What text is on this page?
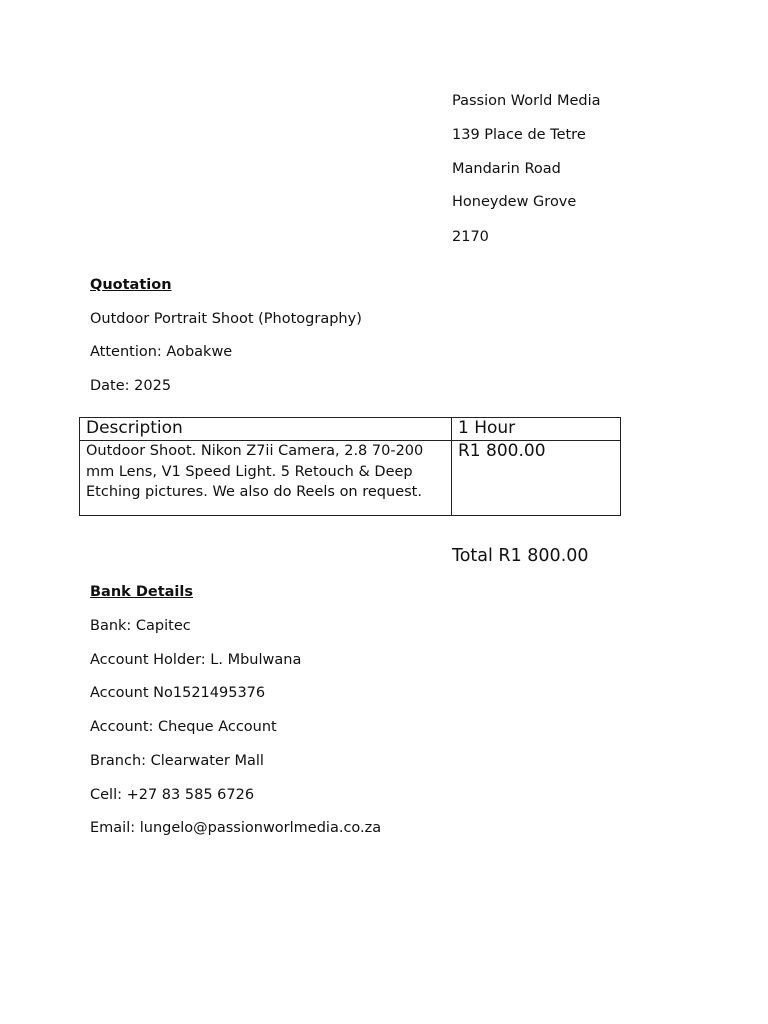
Passion World Media
139 Place de Tetre
Mandarin Road
Honeydew Grove
2170
Quotation
Outdoor Portrait Shoot (Photography)
Attention: Aobakwe
Date: 2025
Description	1 Hour
Outdoor Shoot. Nikon Z7ii Camera, 2.8 70-200 mm Lens, V1 Speed Light. 5 Retouch & Deep Etching pictures. We also do Reels on request.	R1 800.00
Total R1 800.00
Bank Details
Bank: Capitec
Account Holder: L. Mbulwana
Account No1521495376
Account: Cheque Account
Branch: Clearwater Mall
Cell: +27 83 585 6726
Email: lungelo@passionworlmedia.co.za
